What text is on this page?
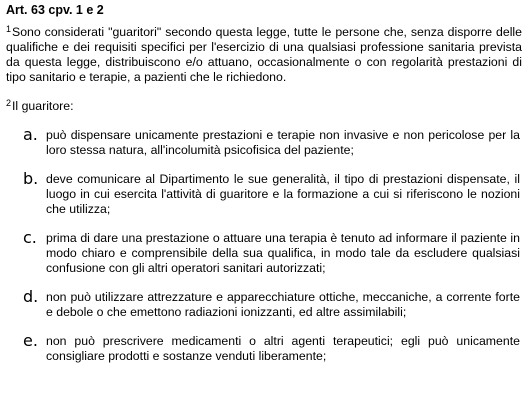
Art. 63 cpv. 1 e 2

$^1$Sono considerati "guaritori" secondo questa legge, tutte le persone che, senza disporre delle qualifiche e dei requisiti specifici per l'esercizio di una qualsiasi professione sanitaria prevista da questa legge, distribuiscono e/o attuano, occasionalmente o con regolarità prestazioni di tipo sanitario e terapie, a pazienti che le richiedono.

$^2$Il guaritore:

a. può dispensare unicamente prestazioni e terapie non invasive e non pericolose per la loro stessa natura, all'incolumità psicofisica del paziente;
b. deve comunicare al Dipartimento le sue generalità, il tipo di prestazioni dispensate, il luogo in cui esercita l'attività di guaritore e la formazione a cui si riferiscono le nozioni che utilizza;
c. prima di dare una prestazione o attuare una terapia è tenuto ad informare il paziente in modo chiaro e comprensibile della sua qualifica, in modo tale da escludere qualsiasi confusione con gli altri operatori sanitari autorizzati;
d. non può utilizzare attrezzature e apparecchiature ottiche, meccaniche, a corrente forte e debole o che emettono radiazioni ionizzanti, ed altre assimilabili;
e. non può prescrivere medicamenti o altri agenti terapeutici; egli può unicamente consigliare prodotti e sostanze venduti liberamente;
